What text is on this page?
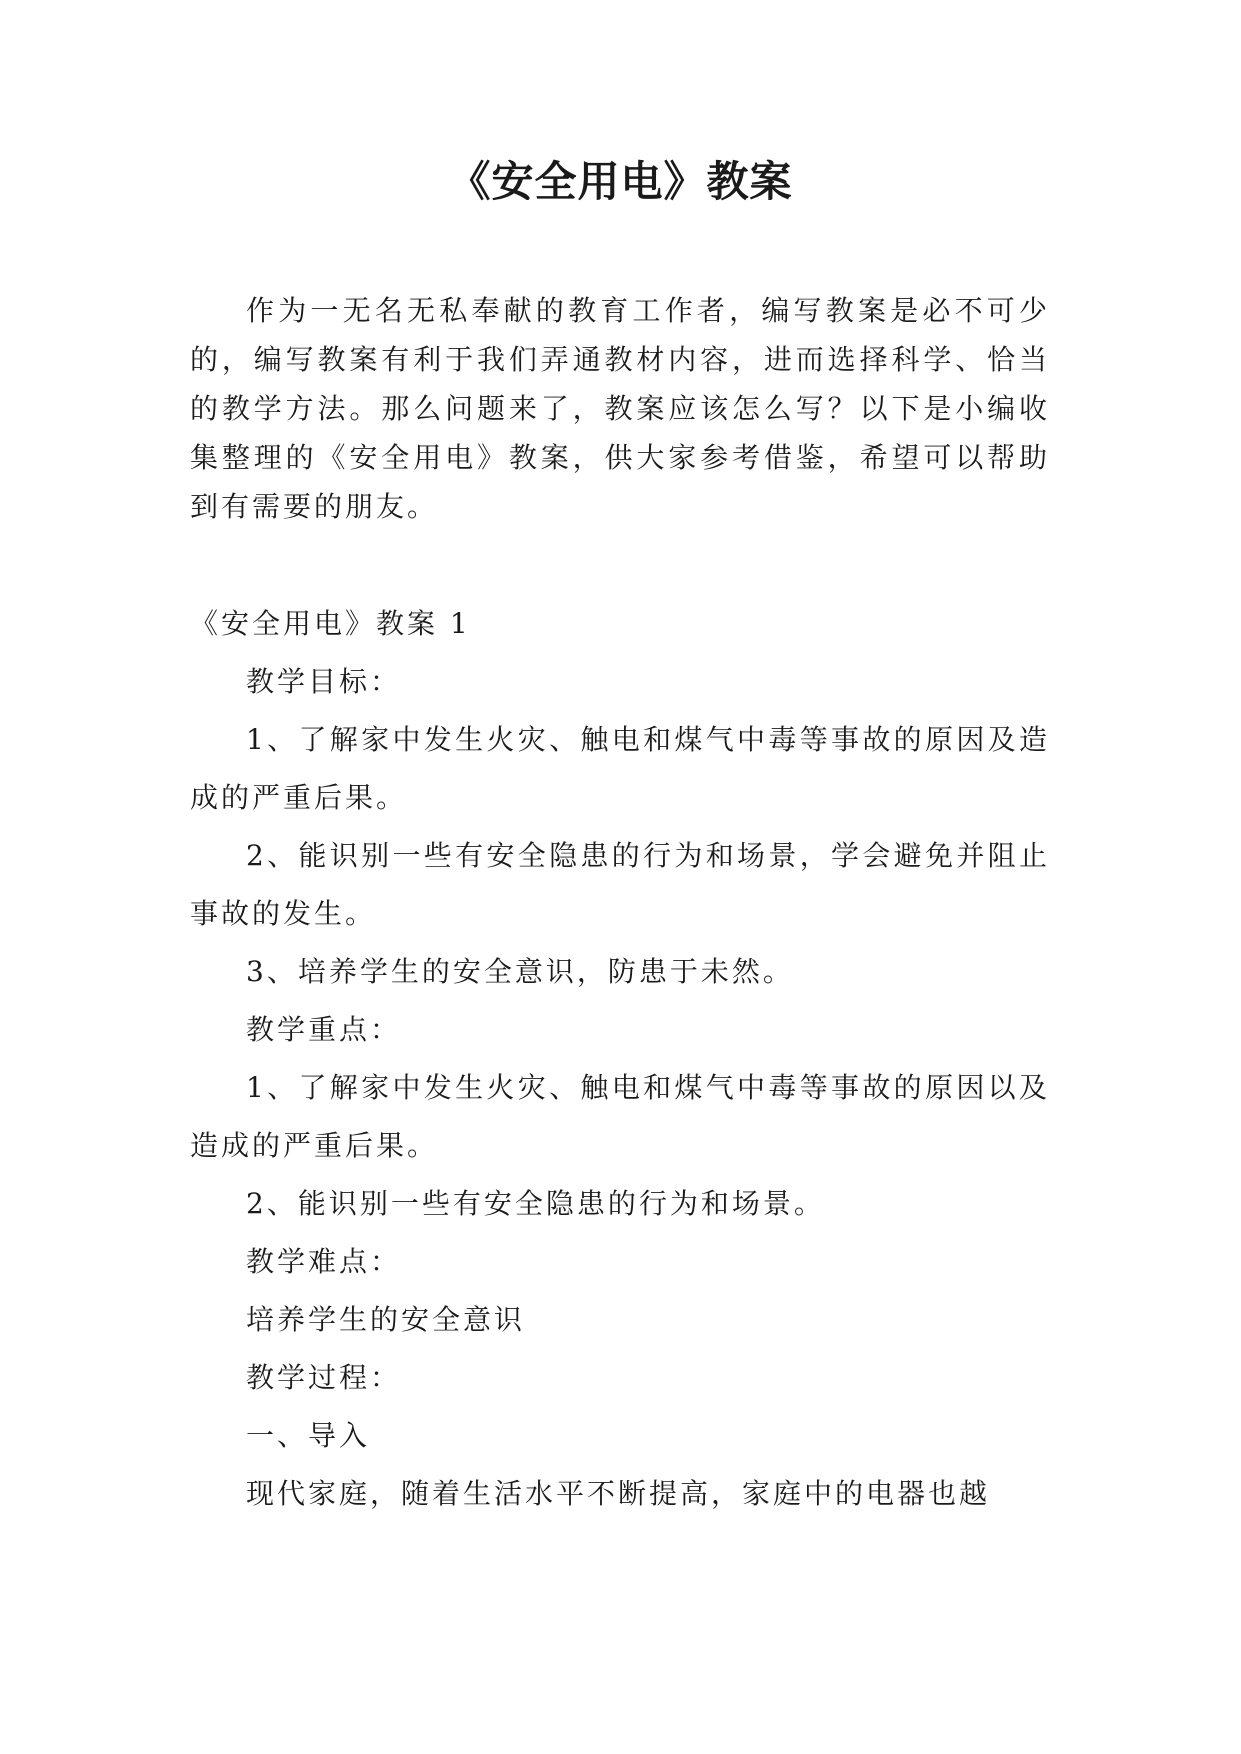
《安全用电》教案

作为一无名无私奉献的教育工作者，编写教案是必不可少的，编写教案有利于我们弄通教材内容，进而选择科学、恰当的教学方法。那么问题来了，教案应该怎么写？以下是小编收集整理的《安全用电》教案，供大家参考借鉴，希望可以帮助到有需要的朋友。

《安全用电》教案 1

教学目标：

1、了解家中发生火灾、触电和煤气中毒等事故的原因及造成的严重后果。

2、能识别一些有安全隐患的行为和场景，学会避免并阻止事故的发生。

3、培养学生的安全意识，防患于未然。

教学重点：

1、了解家中发生火灾、触电和煤气中毒等事故的原因以及造成的严重后果。

2、能识别一些有安全隐患的行为和场景。

教学难点：

培养学生的安全意识

教学过程：

一、导入

现代家庭，随着生活水平不断提高，家庭中的电器也越
